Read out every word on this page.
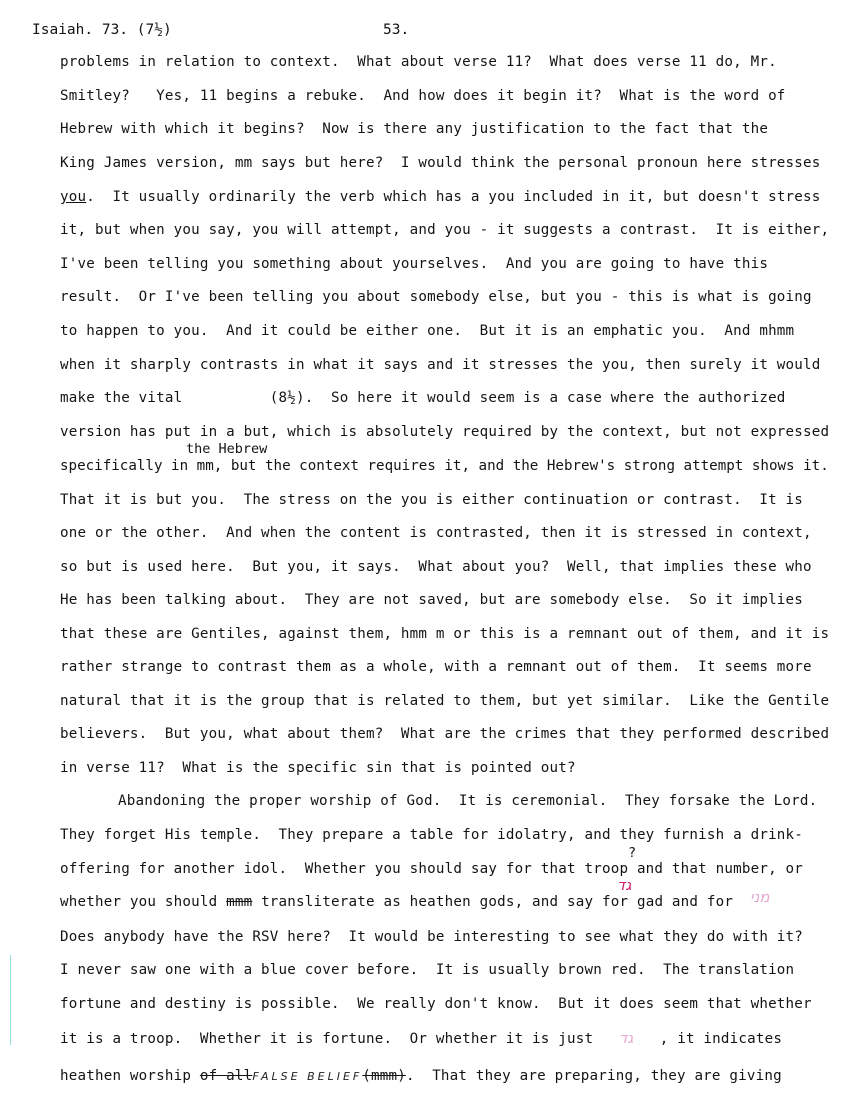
Isaiah. 73. (7½)	53.
problems in relation to context.  What about verse 11?  What does verse 11 do, Mr.
Smitley?   Yes, 11 begins a rebuke.  And how does it begin it?  What is the word of
Hebrew with which it begins?  Now is there any justification to the fact that the
King James version, mm says but here?  I would think the personal pronoun here stresses
you.  It usually ordinarily the verb which has a you included in it, but doesn't stress
it, but when you say, you will attempt, and you - it suggests a contrast.  It is either,
I've been telling you something about yourselves.  And you are going to have this
result.  Or I've been telling you about somebody else, but you - this is what is going
to happen to you.  And it could be either one.  But it is an emphatic you.  And mhmm
when it sharply contrasts in what it says and it stresses the you, then surely it would
make the vital          (8½).  So here it would seem is a case where the authorized
version has put in a but, which is absolutely required by the context, but not expressed
the Hebrew
specifically in mm, but the context requires it, and the Hebrew's strong attempt shows it.
That it is but you.  The stress on the you is either continuation or contrast.  It is
one or the other.  And when the content is contrasted, then it is stressed in context,
so but is used here.  But you, it says.  What about you?  Well, that implies these who
He has been talking about.  They are not saved, but are somebody else.  So it implies
that these are Gentiles, against them, hmm m or this is a remnant out of them, and it is
rather strange to contrast them as a whole, with a remnant out of them.  It seems more
natural that it is the group that is related to them, but yet similar.  Like the Gentile
believers.  But you, what about them?  What are the crimes that they performed described
in verse 11?  What is the specific sin that is pointed out?
Abandoning the proper worship of God.  It is ceremonial.  They forsake the Lord.
They forget His temple.  They prepare a table for idolatry, and they furnish a drink-
?
offering for another idol.  Whether you should say for that troop and that number, or
גד
whether you should mmm transliterate as heathen gods, and say for gad and for מני
Does anybody have the RSV here?  It would be interesting to see what they do with it?
I never saw one with a blue cover before.  It is usually brown red.  The translation
fortune and destiny is possible.  We really don't know.  But it does seem that whether
it is a troop.  Whether it is fortune.  Or whether it is just גד , it indicates
heathen worship of allFALSE BELIEF(mmm).  That they are preparing, they are giving
